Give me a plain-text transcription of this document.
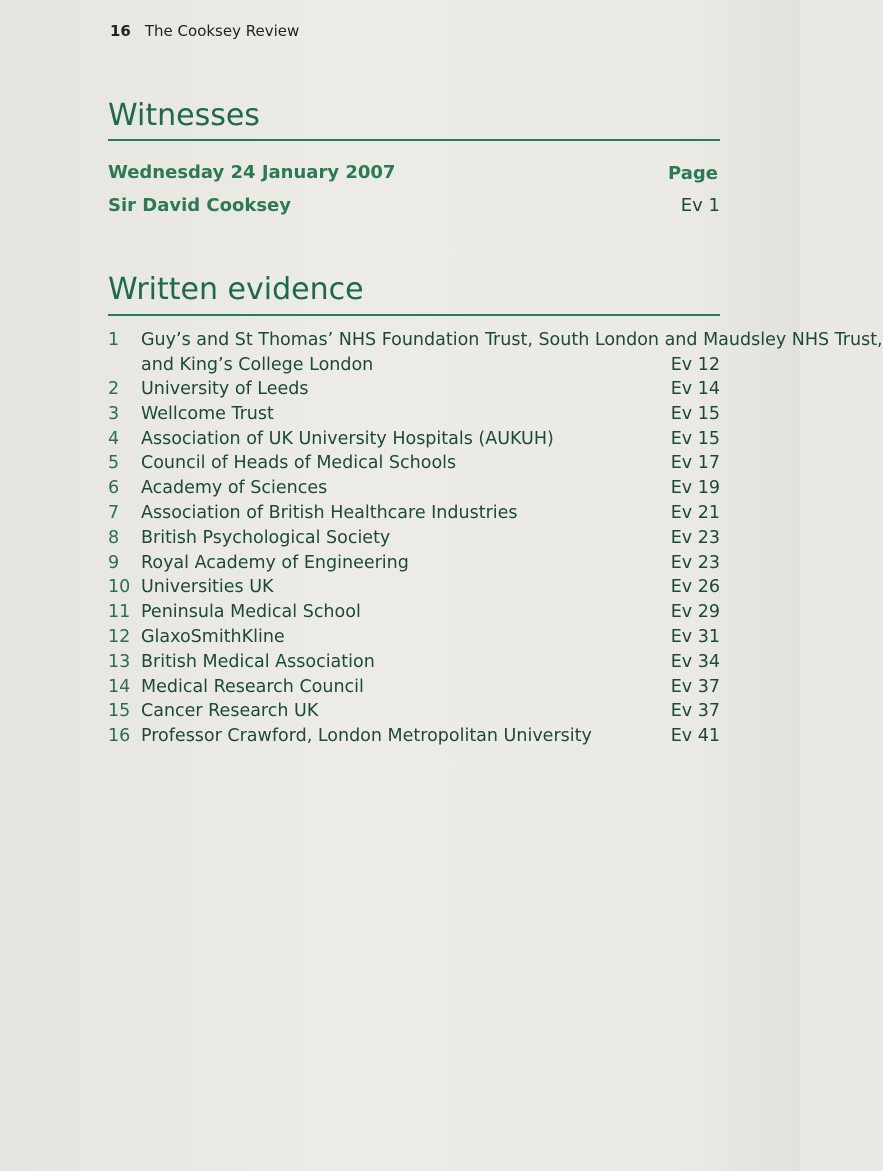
16 The Cooksey Review
Witnesses
Wednesday 24 January 2007	Page
Sir David Cooksey	Ev 1
Written evidence
1	Guy’s and St Thomas’ NHS Foundation Trust, South London and Maudsley NHS Trust,
and King’s College London	Ev 12
2	University of Leeds	Ev 14
3	Wellcome Trust	Ev 15
4	Association of UK University Hospitals (AUKUH)	Ev 15
5	Council of Heads of Medical Schools	Ev 17
6	Academy of Sciences	Ev 19
7	Association of British Healthcare Industries	Ev 21
8	British Psychological Society	Ev 23
9	Royal Academy of Engineering	Ev 23
10 Universities UK	Ev 26
11 Peninsula Medical School	Ev 29
12 GlaxoSmithKline	Ev 31
13 British Medical Association	Ev 34
14 Medical Research Council	Ev 37
15 Cancer Research UK	Ev 37
16 Professor Crawford, London Metropolitan University	Ev 41
